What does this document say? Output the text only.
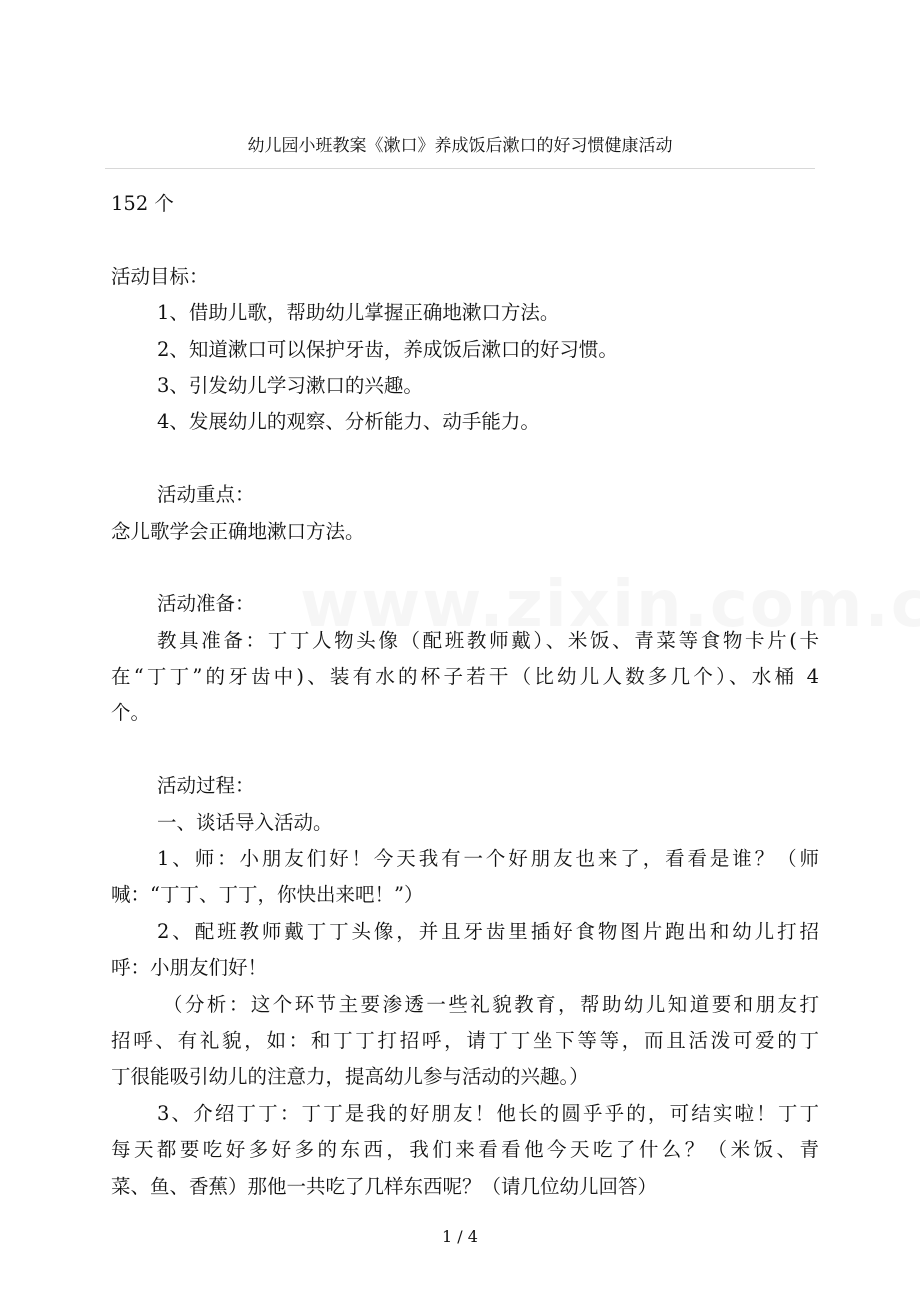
幼儿园小班教案《漱口》养成饭后漱口的好习惯健康活动
152 个
活动目标：
1、借助儿歌，帮助幼儿掌握正确地漱口方法。
2、知道漱口可以保护牙齿，养成饭后漱口的好习惯。
3、引发幼儿学习漱口的兴趣。
4、发展幼儿的观察、分析能力、动手能力。
活动重点：
念儿歌学会正确地漱口方法。
活动准备：
教具准备：丁丁人物头像（配班教师戴）、米饭、青菜等食物卡片(卡
在“丁丁”的牙齿中)、装有水的杯子若干（比幼儿人数多几个）、水桶 4
个。
活动过程：
一、谈话导入活动。
1、师：小朋友们好！今天我有一个好朋友也来了，看看是谁？（师
喊：“丁丁、丁丁，你快出来吧！”）
2、配班教师戴丁丁头像，并且牙齿里插好食物图片跑出和幼儿打招
呼：小朋友们好！
（分析：这个环节主要渗透一些礼貌教育，帮助幼儿知道要和朋友打
招呼、有礼貌，如：和丁丁打招呼，请丁丁坐下等等，而且活泼可爱的丁
丁很能吸引幼儿的注意力，提高幼儿参与活动的兴趣。）
3、介绍丁丁：丁丁是我的好朋友！他长的圆乎乎的，可结实啦！丁丁
每天都要吃好多好多的东西，我们来看看他今天吃了什么？（米饭、青
菜、鱼、香蕉）那他一共吃了几样东西呢？（请几位幼儿回答）
1 / 4
